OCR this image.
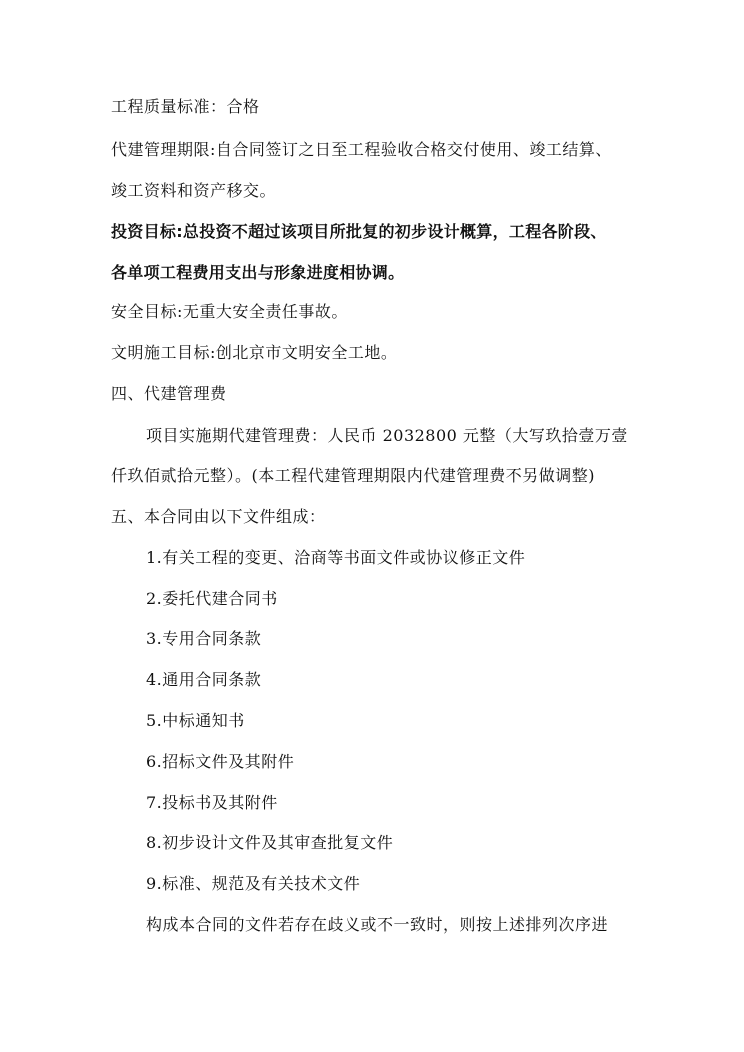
工程质量标准：合格
代建管理期限:自合同签订之日至工程验收合格交付使用、竣工结算、
竣工资料和资产移交。
投资目标:总投资不超过该项目所批复的初步设计概算，工程各阶段、
各单项工程费用支出与形象进度相协调。
安全目标:无重大安全责任事故。
文明施工目标:创北京市文明安全工地。
四、代建管理费
项目实施期代建管理费：人民币 2032800 元整（大写玖拾壹万壹
仟玖佰贰拾元整）。(本工程代建管理期限内代建管理费不另做调整)
五、本合同由以下文件组成：
1.有关工程的变更、洽商等书面文件或协议修正文件
2.委托代建合同书
3.专用合同条款
4.通用合同条款
5.中标通知书
6.招标文件及其附件
7.投标书及其附件
8.初步设计文件及其审查批复文件
9.标准、规范及有关技术文件
构成本合同的文件若存在歧义或不一致时，则按上述排列次序进
